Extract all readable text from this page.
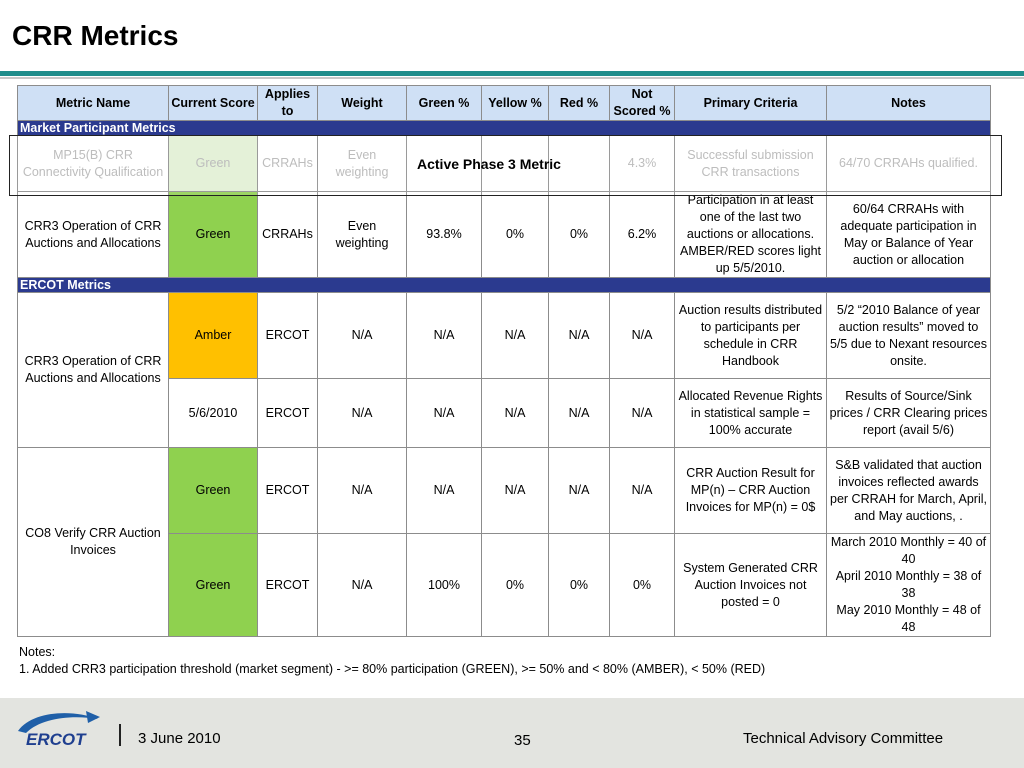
CRR Metrics
Metric Name	Current Score	Applies to	Weight	Green %	Yellow %	Red %	Not Scored %	Primary Criteria	Notes
Market Participant Metrics									
MP15(B) CRR Connectivity Qualification	Green	CRRAHs	Even weighting				4.3%	Successful submission CRR transactions	64/70 CRRAHs qualified.
CRR3 Operation of CRR Auctions and Allocations	Green	CRRAHs	Even weighting	93.8%	0%	0%	6.2%	Participation in at least one of the last two auctions or allocations. AMBER/RED scores light up 5/5/2010.	60/64 CRRAHs with adequate participation in May or Balance of Year auction or allocation
ERCOT Metrics									
CRR3 Operation of CRR Auctions and Allocations	Amber	ERCOT	N/A	N/A	N/A	N/A	N/A	Auction results distributed to participants per schedule in CRR Handbook	5/2 “2010 Balance of year auction results” moved to 5/5 due to Nexant resources onsite.
	5/6/2010	ERCOT	N/A	N/A	N/A	N/A	N/A	Allocated Revenue Rights in statistical sample = 100% accurate	Results of Source/Sink prices / CRR Clearing prices report (avail 5/6)
CO8 Verify CRR Auction Invoices	Green	ERCOT	N/A	N/A	N/A	N/A	N/A	CRR Auction Result for MP(n) – CRR Auction Invoices for MP(n) = 0$	S&B validated that auction invoices reflected awards per CRRAH for March, April, and May auctions, .
	Green	ERCOT	N/A	100%	0%	0%	0%	System Generated CRR Auction Invoices not posted = 0	March 2010 Monthly = 40 of 40
April 2010 Monthly = 38 of 38
May 2010 Monthly = 48 of 48
Active Phase 3 Metric
Notes:
1. Added CRR3 participation threshold (market segment) - >= 80% participation (GREEN), >= 50% and < 80% (AMBER), < 50% (RED)
ERCOT	3 June 2010	35	Technical Advisory Committee
